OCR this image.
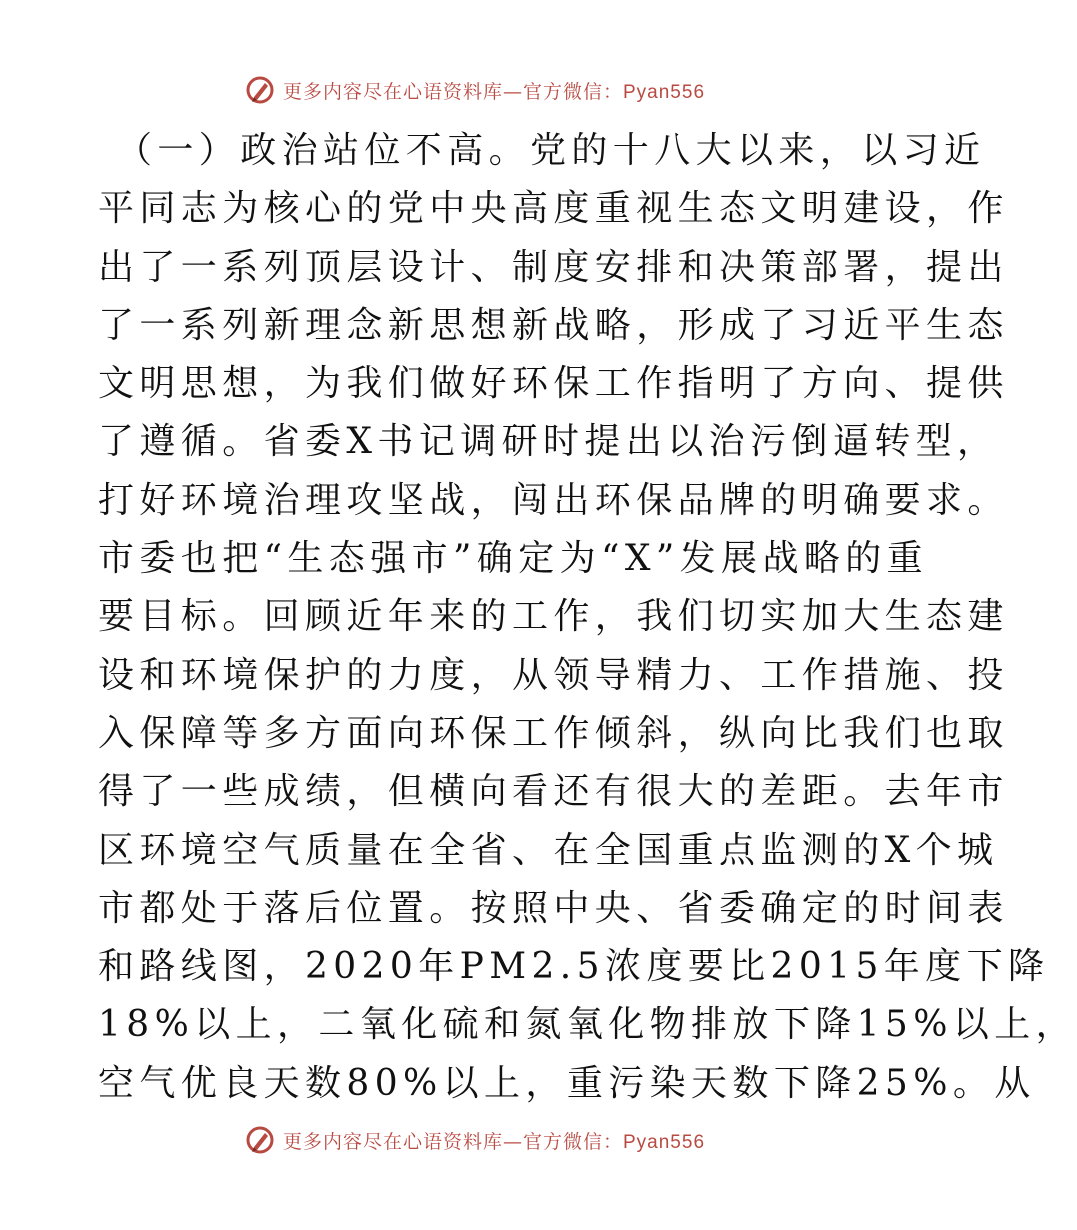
更多内容尽在心语资料库—官方微信：Pyan556
（一）政治站位不高。党的十八大以来，以习近
平同志为核心的党中央高度重视生态文明建设，作
出了一系列顶层设计、制度安排和决策部署，提出
了一系列新理念新思想新战略，形成了习近平生态
文明思想，为我们做好环保工作指明了方向、提供
了遵循。省委X书记调研时提出以治污倒逼转型，
打好环境治理攻坚战，闯出环保品牌的明确要求。
市委也把“生态强市”确定为“X”发展战略的重
要目标。回顾近年来的工作，我们切实加大生态建
设和环境保护的力度，从领导精力、工作措施、投
入保障等多方面向环保工作倾斜，纵向比我们也取
得了一些成绩，但横向看还有很大的差距。去年市
区环境空气质量在全省、在全国重点监测的X个城
市都处于落后位置。按照中央、省委确定的时间表
和路线图，2020年PM2.5浓度要比2015年度下降
18%以上，二氧化硫和氮氧化物排放下降15%以上，
空气优良天数80%以上，重污染天数下降25%。从
更多内容尽在心语资料库—官方微信：Pyan556
